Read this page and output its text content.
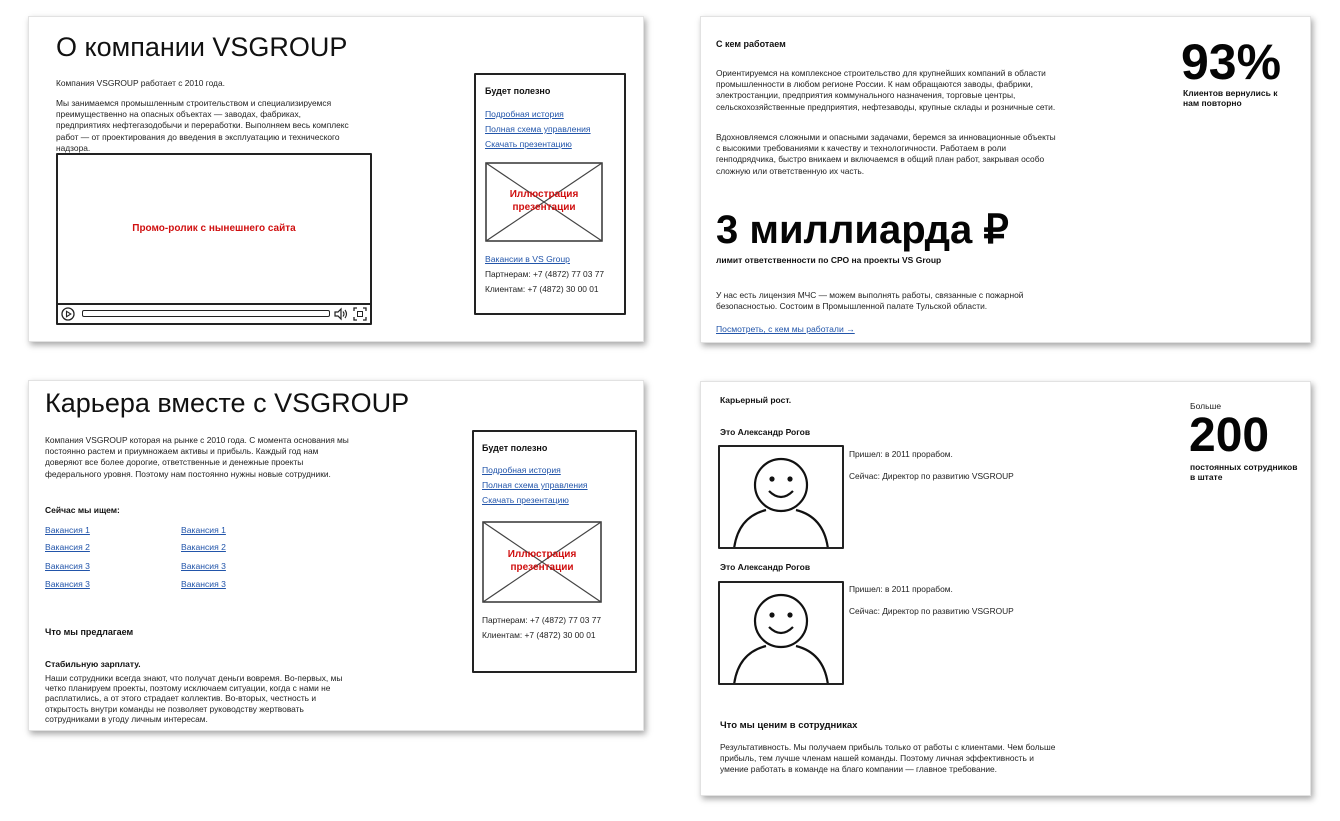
О компании VSGROUP
Компания VSGROUP работает с 2010 года.
Мы занимаемся промышленным строительством и специализируемся преимущественно на опасных объектах — заводах, фабриках, предприятиях нефтегазодобычи и переработки. Выполняем весь комплекс работ — от проектирования до введения в эксплуатацию и технического надзора.
Промо-ролик с нынешнего сайта
Будет полезно
Подробная история
Полная схема управления
Скачать презентацию
Иллюстрация презентации
Вакансии в VS Group
Партнерам: +7 (4872) 77 03 77
Клиентам: +7 (4872) 30 00 01
С кем работаем
Ориентируемся на комплексное строительство для крупнейших компаний в области промышленности в любом регионе России. К нам обращаются заводы, фабрики, электростанции, предприятия коммунального назначения, торговые центры, сельскохозяйственные предприятия, нефтезаводы, крупные склады и розничные сети.
Вдохновляемся сложными и опасными задачами, беремся за инновационные объекты с высокими требованиями к качеству и технологичности. Работаем в роли генподрядчика, быстро вникаем и включаемся в общий план работ, закрывая особо сложную или ответственную их часть.
93%
Клиентов вернулись к нам повторно
3 миллиарда ₽
лимит ответственности по СРО на проекты VS Group
У нас есть лицензия МЧС — можем выполнять работы, связанные с пожарной безопасностью. Состоим в Промышленной палате Тульской области.
Посмотреть, с кем мы работали →
Карьера вместе с VSGROUP
Компания VSGROUP которая на рынке с 2010 года. С момента основания мы постоянно растем и приумножаем активы и прибыль. Каждый год нам доверяют все более дорогие, ответственные и денежные проекты федерального уровня. Поэтому нам постоянно нужны новые сотрудники.
Сейчас мы ищем:
Вакансия 1
Вакансия 2
Вакансия 3
Вакансия 3
Вакансия 1
Вакансия 2
Вакансия 3
Вакансия 3
Что мы предлагаем
Стабильную зарплату.
Наши сотрудники всегда знают, что получат деньги вовремя. Во-первых, мы четко планируем проекты, поэтому исключаем ситуации, когда с нами не расплатились, а от этого страдает коллектив. Во-вторых, честность и открытость внутри команды не позволяет руководству жертвовать сотрудниками в угоду личным интересам.
Будет полезно
Подробная история
Полная схема управления
Скачать презентацию
Иллюстрация презентации
Партнерам: +7 (4872) 77 03 77
Клиентам: +7 (4872) 30 00 01
Карьерный рост.
Это Александр Рогов
Пришел: в 2011 прорабом.
Сейчас: Директор по развитию VSGROUP
Это Александр Рогов
Пришел: в 2011 прорабом.
Сейчас: Директор по развитию VSGROUP
Больше
200
постоянных сотрудников в штате
Что мы ценим в сотрудниках
Результативность. Мы получаем прибыль только от работы с клиентами. Чем больше прибыль, тем лучше членам нашей команды. Поэтому личная эффективность и умение работать в команде на благо компании — главное требование.
